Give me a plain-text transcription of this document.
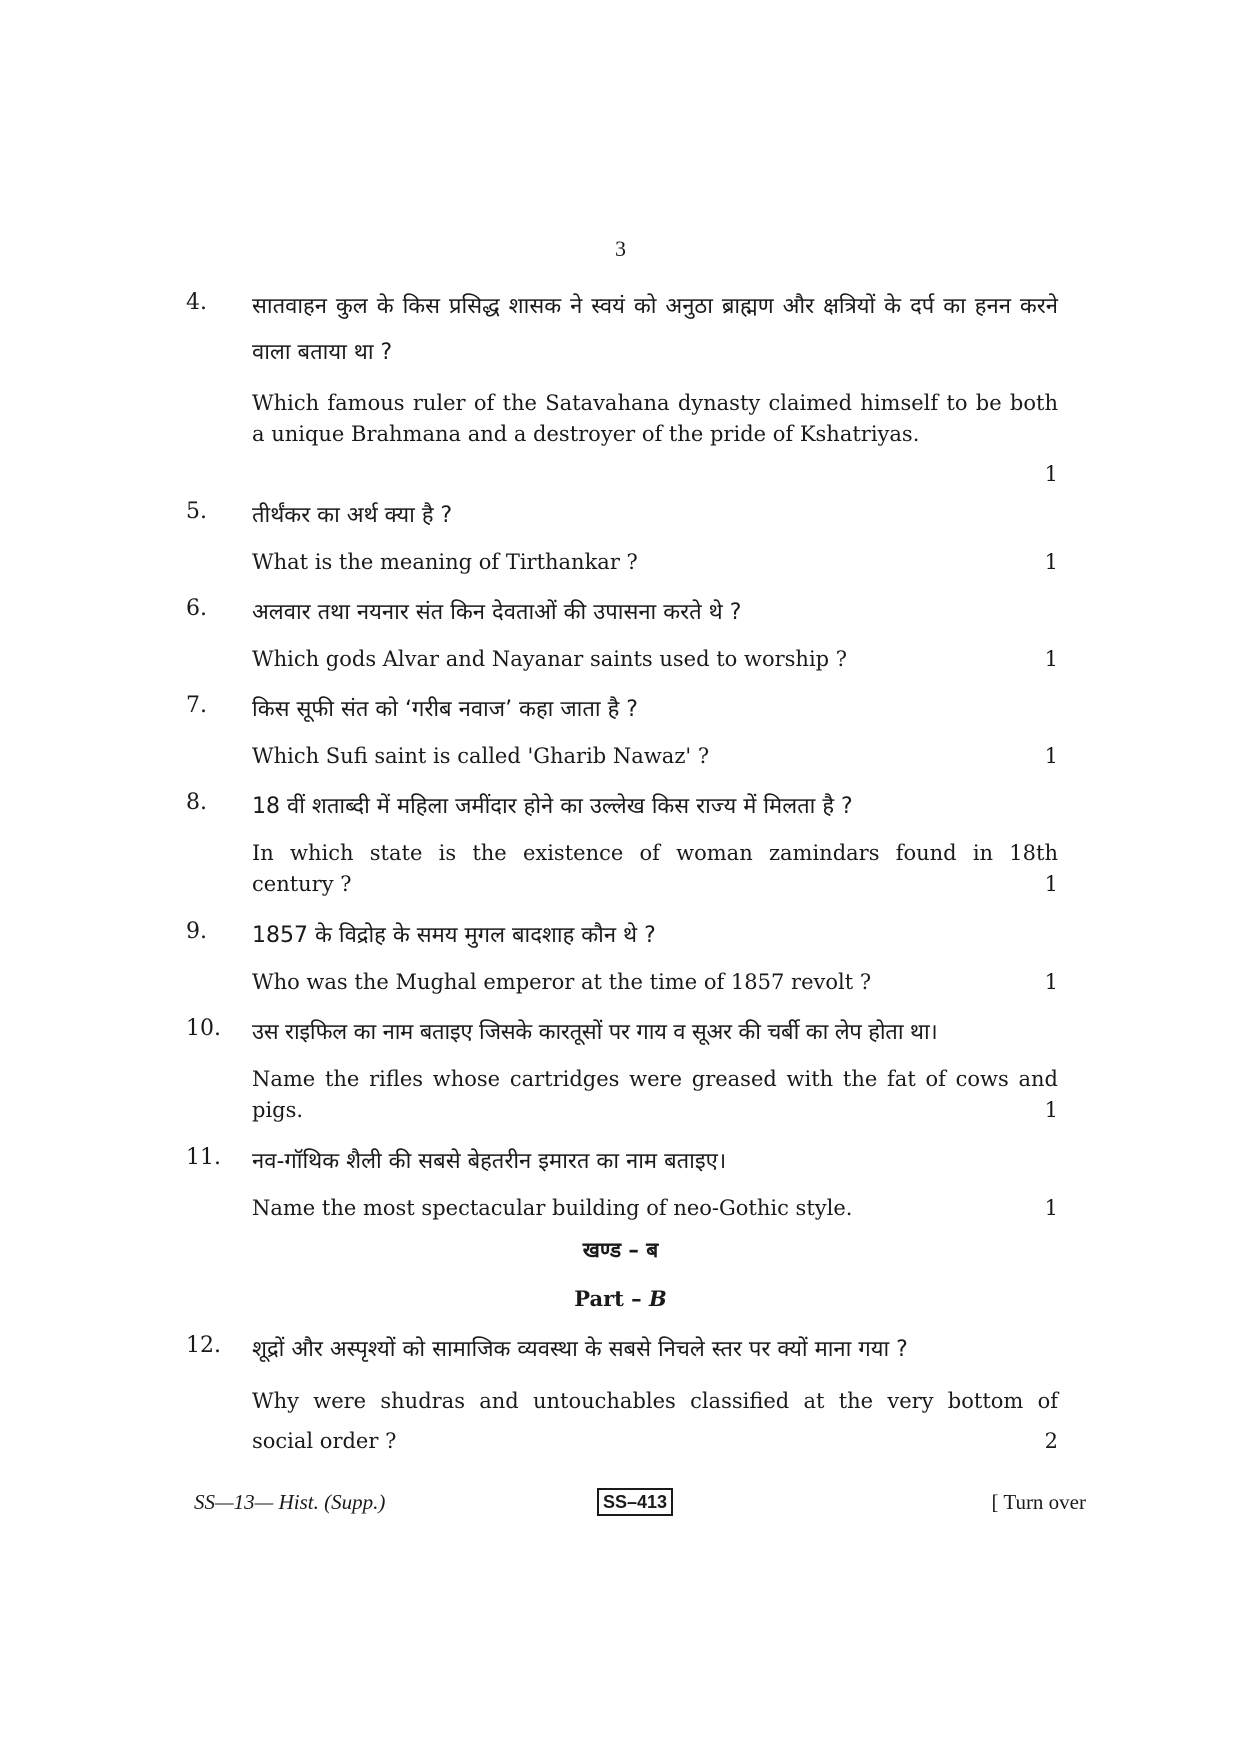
3
4. सातवाहन कुल के किस प्रसिद्ध शासक ने स्वयं को अनुठा ब्राह्मण और क्षत्रियों के दर्प का हनन करने वाला बताया था ?
Which famous ruler of the Satavahana dynasty claimed himself to be both a unique Brahmana and a destroyer of the pride of Kshatriyas.
1
5. तीर्थंकर का अर्थ क्या है ?
What is the meaning of Tirthankar ?	1
6. अलवार तथा नयनार संत किन देवताओं की उपासना करते थे ?
Which gods Alvar and Nayanar saints used to worship ?	1
7. किस सूफी संत को ‘गरीब नवाज’ कहा जाता है ?
Which Sufi saint is called 'Gharib Nawaz' ?	1
8. 18 वीं शताब्दी में महिला जमींदार होने का उल्लेख किस राज्य में मिलता है ?
In which state is the existence of woman zamindars found in 18th
century ?	1
9. 1857 के विद्रोह के समय मुगल बादशाह कौन थे ?
Who was the Mughal emperor at the time of 1857 revolt ?	1
10. उस राइफिल का नाम बताइए जिसके कारतूसों पर गाय व सूअर की चर्बी का लेप होता था।
Name the rifles whose cartridges were greased with the fat of cows and
pigs.	1
11. नव-गॉथिक शैली की सबसे बेहतरीन इमारत का नाम बताइए।
Name the most spectacular building of neo-Gothic style.	1
खण्ड – ब
Part – B
12. शूद्रों और अस्पृश्यों को सामाजिक व्यवस्था के सबसे निचले स्तर पर क्यों माना गया ?
Why were shudras and untouchables classified at the very bottom of
social order ?	2
SS—13— Hist. (Supp.)	SS–413	[ Turn over
